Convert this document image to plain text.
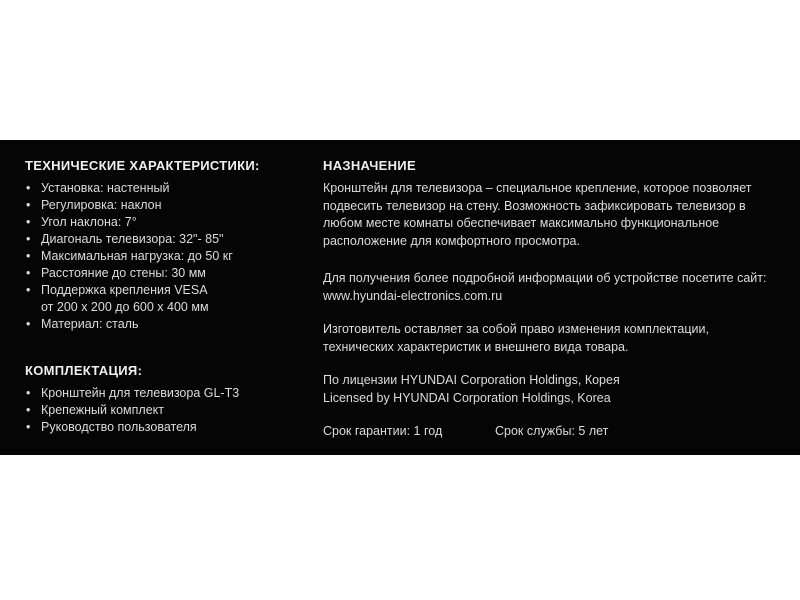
ТЕХНИЧЕСКИЕ ХАРАКТЕРИСТИКИ:
• Установка: настенный
• Регулировка: наклон
• Угол наклона: 7°
• Диагональ телевизора: 32"- 85"
• Максимальная нагрузка: до 50 кг
• Расстояние до стены: 30 мм
• Поддержка крепления VESA
от 200 x 200 до 600 x 400 мм
• Материал: сталь
КОМПЛЕКТАЦИЯ:
• Кронштейн для телевизора GL-T3
• Крепежный комплект
• Руководство пользователя
НАЗНАЧЕНИЕ

Кронштейн для телевизора – специальное крепление, которое позволяет подвесить телевизор на стену. Возможность зафиксировать телевизор в любом месте комнаты обеспечивает максимально функциональное расположение для комфортного просмотра.

Для получения более подробной информации об устройстве посетите сайт:

www.hyundai-electronics.com.ru

Изготовитель оставляет за собой право изменения комплектации, технических характеристик и внешнего вида товара.

По лицензии HYUNDAI Corporation Holdings, Корея

Licensed by HYUNDAI Corporation Holdings, Korea

Срок гарантии: 1 год	Срок службы: 5 лет
